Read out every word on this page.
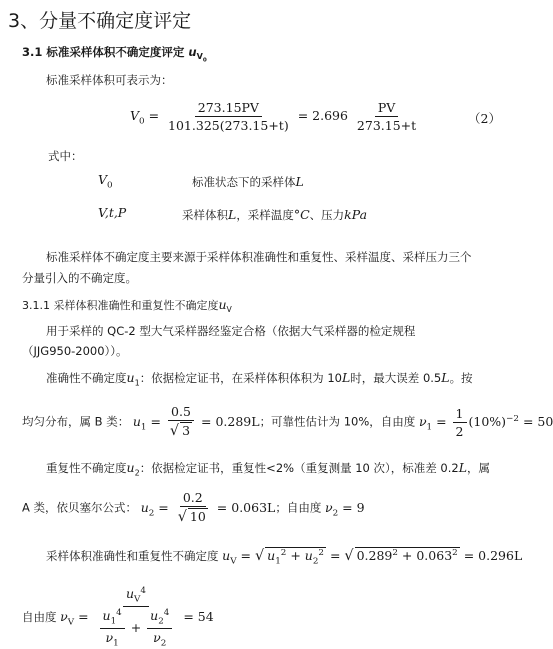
3、分量不确定度评定
3.1 标准采样体积不确定度评定 $u_{V_0}$
标准采样体积可表示为：
$V_0 = \frac{273.15PV}{101.325(273.15+t)} = 2.696 \frac{PV}{273.15+t}$	（2）
式中：
$V_0$	标准状态下的采样体L
V,t,P	采样体积L，采样温度°C、压力kPa
标准采样体不确定度主要来源于采样体积准确性和重复性、采样温度、采样压力三个
分量引入的不确定度。
3.1.1 采样体积准确性和重复性不确定度$u_V$
用于采样的 QC-2 型大气采样器经鉴定合格（依据大气采样器的检定规程
（JJG950-2000））。
准确性不确定度$u_1$：依据检定证书，在采样体积体积为 10L时，最大误差 0.5L。按
均匀分布，属 B 类： $u_1 = \frac{0.5}{√ 3} = 0.289L$；可靠性估计为 10%，自由度 $\nu_1 = \frac{1}{2} (10\%)^{-2} = 50$
重复性不确定度$u_2$：依据检定证书，重复性<2%（重复测量 10 次），标准差 0.2L，属
A 类，依贝塞尔公式： $u_2 = \frac{0.2}{√ 10} = 0.063L$；自由度 $\nu_2 = 9$
采样体积准确性和重复性不确定度 $u_V$ = √ $u_1^2 + u_2^2$ = √ $0.289^2 + 0.063^2 = 0.296L$
自由度 $\nu_V = \frac{u_V^4}{\frac{u_1^4}{\nu_1} + \frac{u_2^4}{\nu_2}} = 54$
